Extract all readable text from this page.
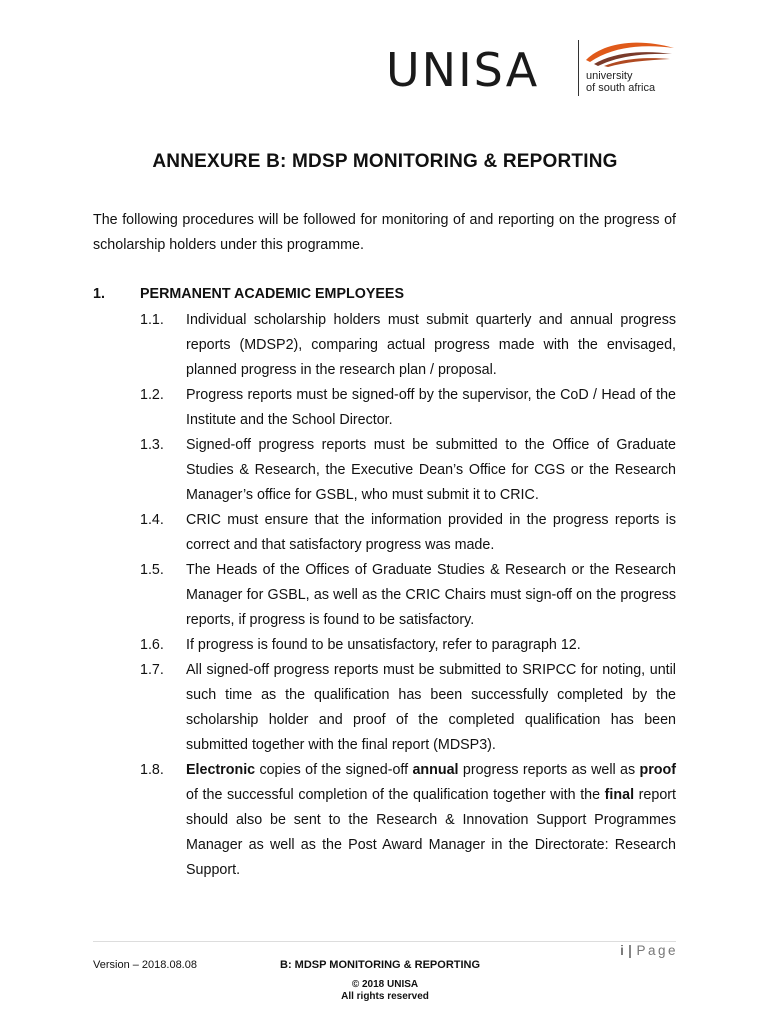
UNISA	university
of south africa
ANNEXURE B: MDSP MONITORING & REPORTING

The following procedures will be followed for monitoring of and reporting on the progress of scholarship holders under this programme.

1. PERMANENT ACADEMIC EMPLOYEES
1.1.	Individual scholarship holders must submit quarterly and annual progress reports (MDSP2), comparing actual progress made with the envisaged, planned progress in the research plan / proposal.
1.2.	Progress reports must be signed-off by the supervisor, the CoD / Head of the Institute and the School Director.
1.3.	Signed-off progress reports must be submitted to the Office of Graduate Studies & Research, the Executive Dean’s Office for CGS or the Research Manager’s office for GSBL, who must submit it to CRIC.
1.4.	CRIC must ensure that the information provided in the progress reports is correct and that satisfactory progress was made.
1.5.	The Heads of the Offices of Graduate Studies & Research or the Research Manager for GSBL, as well as the CRIC Chairs must sign-off on the progress reports, if progress is found to be satisfactory.
1.6.	If progress is found to be unsatisfactory, refer to paragraph 12.
1.7.	All signed-off progress reports must be submitted to SRIPCC for noting, until such time as the qualification has been successfully completed by the scholarship holder and proof of the completed qualification has been submitted together with the final report (MDSP3).
1.8.	Electronic copies of the signed-off annual progress reports as well as proof of the successful completion of the qualification together with the final report should also be sent to the Research & Innovation Support Programmes Manager as well as the Post Award Manager in the Directorate: Research Support.
i | Page
Version – 2018.08.08	B: MDSP MONITORING & REPORTING
© 2018 UNISA
All rights reserved
